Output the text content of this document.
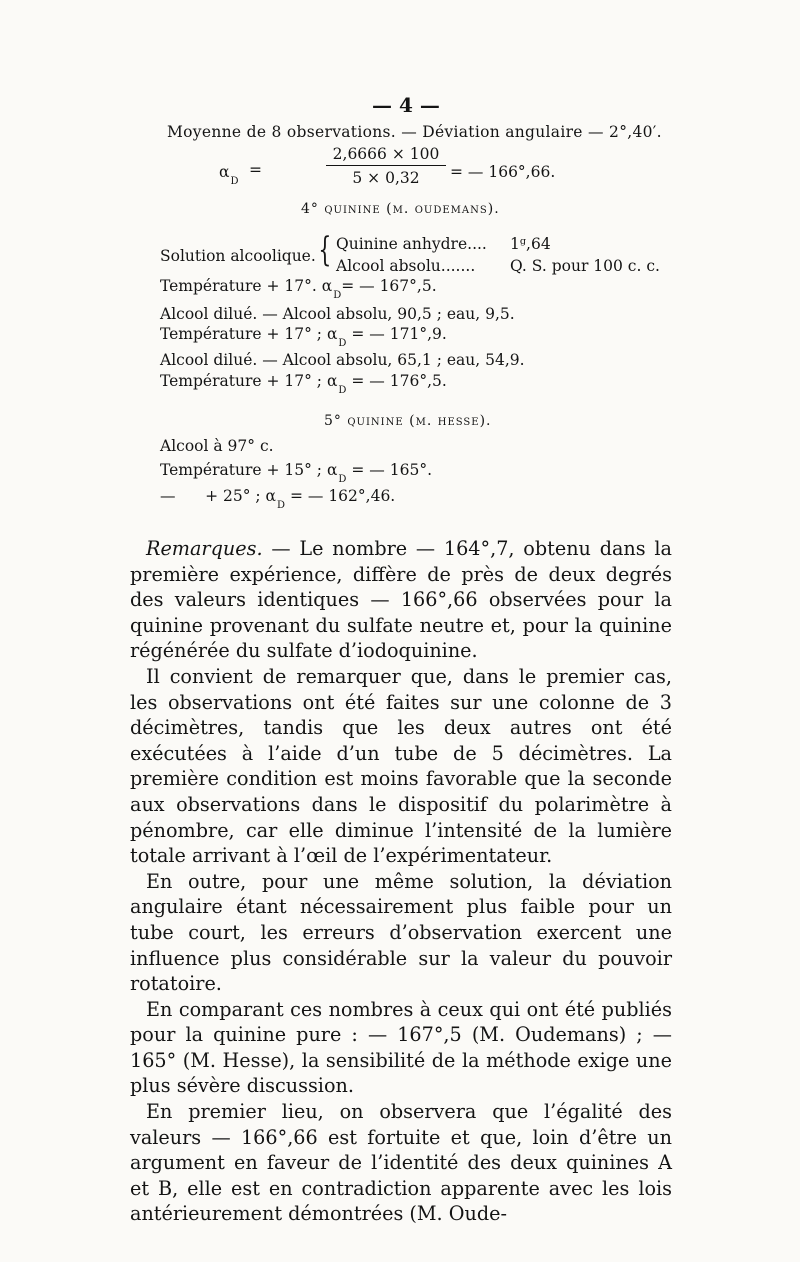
— 4 —
Moyenne de 8 observations. — Déviation angulaire — 2°,40′.
$\alpha_D$
=	$\frac{2,6666 \times 100}{5 \times 0,32}$ = — 166°,66.
4° quinine (m. oudemans).
Solution alcoolique. { Quinine anhydre.... 1ᵍ,64
Alcool absolu....... Q. S. pour 100 c. c.
Température + 17°. $\alpha_D=$ — 167°,5.
Alcool dilué. — Alcool absolu, 90,5 ; eau, 9,5.
Température + 17° ; $\alpha_D$ = — 171°,9.
Alcool dilué. — Alcool absolu, 65,1 ; eau, 54,9.
Température + 17° ; $\alpha_D$ = — 176°,5.
5° quinine (m. hesse).
Alcool à 97° c.
Température + 15° ; $\alpha_D$ = — 165°.
— + 25° ; $\alpha_D$ = — 162°,46.

Remarques. — Le nombre — 164°,7, obtenu dans la première expérience, diffère de près de deux degrés des valeurs identiques — 166°,66 observées pour la quinine provenant du sulfate neutre et, pour la quinine régénérée du sulfate d’iodoquinine.

Il convient de remarquer que, dans le premier cas, les observations ont été faites sur une colonne de 3 décimètres, tandis que les deux autres ont été exécutées à l’aide d’un tube de 5 décimètres. La première condition est moins favorable que la seconde aux observations dans le dispositif du polarimètre à pénombre, car elle diminue l’intensité de la lumière totale arrivant à l’œil de l’expérimentateur.

En outre, pour une même solution, la déviation angulaire étant nécessairement plus faible pour un tube court, les erreurs d’observation exercent une influence plus considérable sur la valeur du pouvoir rotatoire.

En comparant ces nombres à ceux qui ont été publiés pour la quinine pure : — 167°,5 (M. Oudemans) ; — 165° (M. Hesse), la sensibilité de la méthode exige une plus sévère discussion.

En premier lieu, on observera que l’égalité des valeurs — 166°,66 est fortuite et que, loin d’être un argument en faveur de l’identité des deux quinines A et B, elle est en contradiction apparente avec les lois antérieurement démontrées (M. Oude-
